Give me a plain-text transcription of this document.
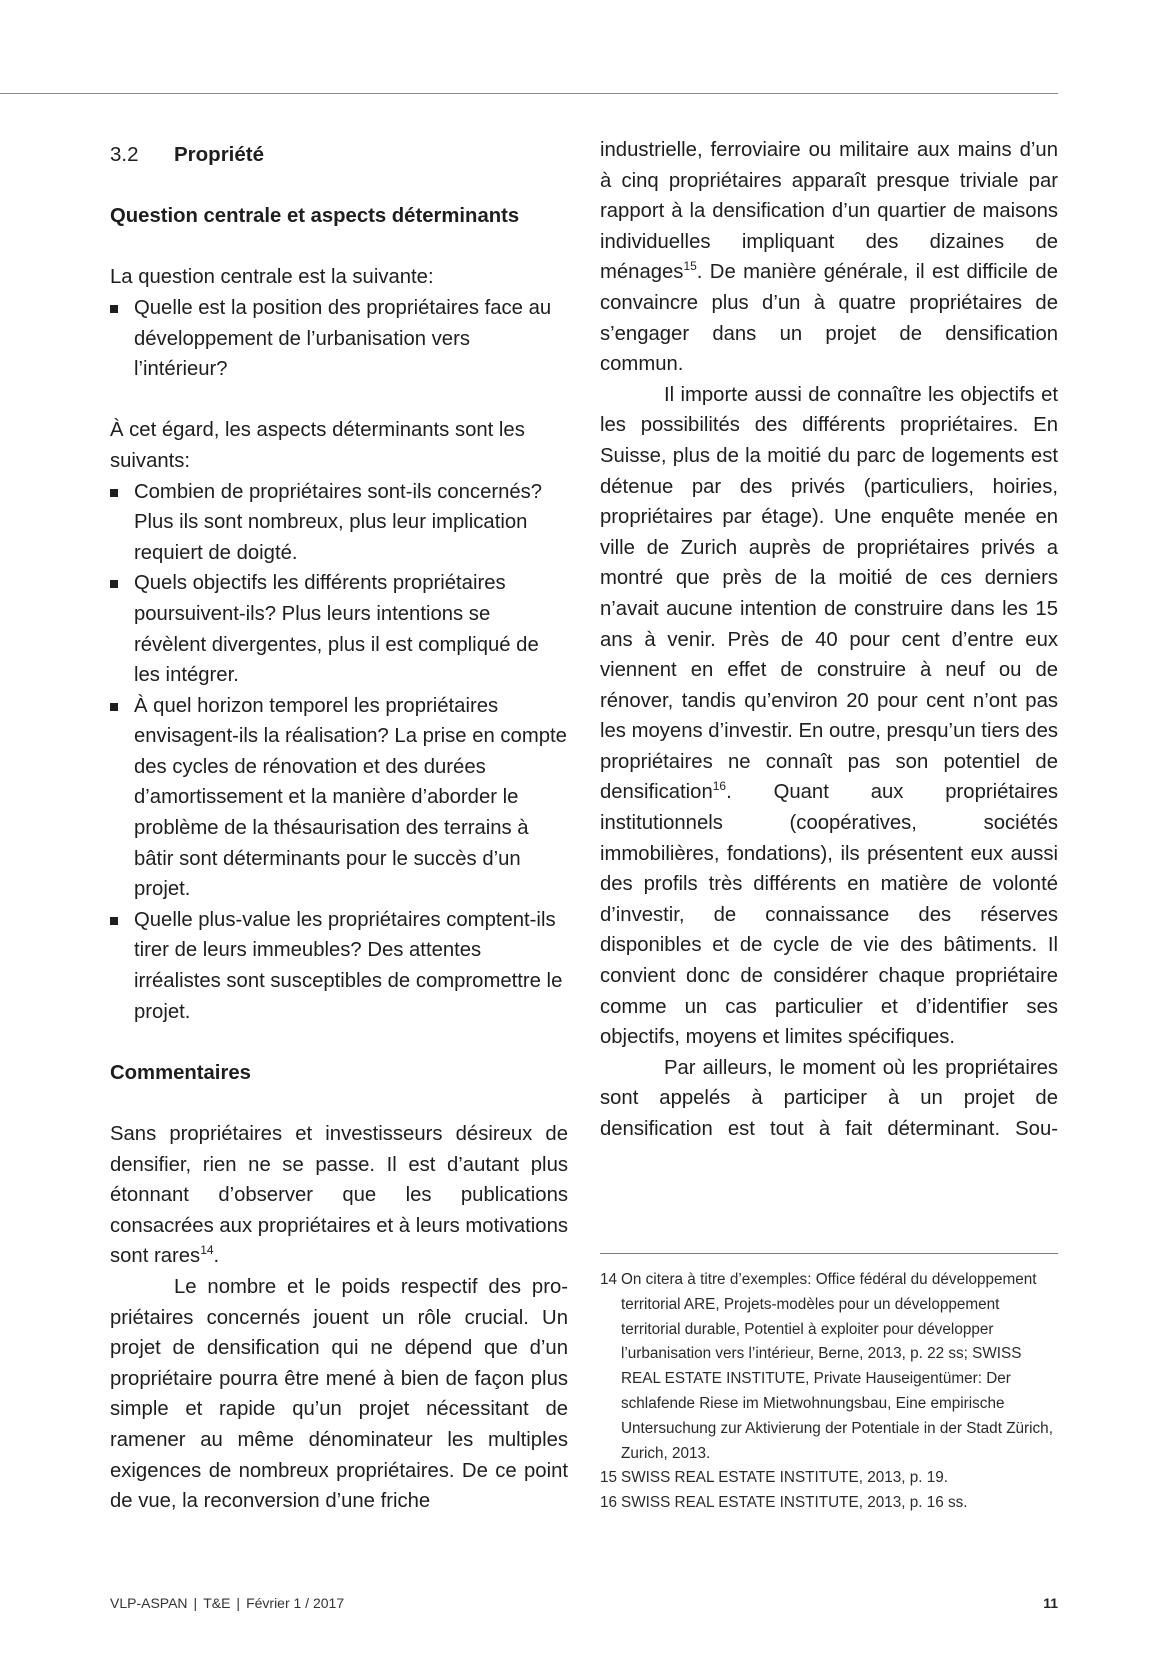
3.2 Propriété
Question centrale et aspects déterminants

La question centrale est la suivante:

Quelle est la position des propriétaires face au développement de l’urbanisation vers l’intérieur?

À cet égard, les aspects déterminants sont les suivants:

Combien de propriétaires sont-ils concernés? Plus ils sont nombreux, plus leur implication requiert de doigté.
Quels objectifs les différents propriétaires poursuivent-ils? Plus leurs intentions se révèlent divergentes, plus il est compliqué de les intégrer.
À quel horizon temporel les propriétaires envisagent-ils la réalisation? La prise en compte des cycles de rénovation et des durées d’amortissement et la manière d’aborder le problème de la thésaurisation des terrains à bâtir sont déterminants pour le succès d’un projet.
Quelle plus-value les propriétaires comptent-ils tirer de leurs immeubles? Des attentes irréalistes sont susceptibles de compromettre le projet.
Commentaires

Sans propriétaires et investisseurs désireux de densifier, rien ne se passe. Il est d’autant plus étonnant d’observer que les publications consacrées aux propriétaires et à leurs motivations sont rares$^{14}$.

Le nombre et le poids respectif des propriétaires concernés jouent un rôle crucial. Un projet de densification qui ne dépend que d’un propriétaire pourra être mené à bien de façon plus simple et rapide qu’un projet nécessitant de ramener au même dénominateur les multiples exigences de nombreux propriétaires. De ce point de vue, la reconversion d’une friche

industrielle, ferroviaire ou militaire aux mains d’un à cinq propriétaires apparaît presque triviale par rapport à la densification d’un quartier de maisons individuelles impliquant des dizaines de ménages$^{15}$. De manière générale, il est difficile de convaincre plus d’un à quatre propriétaires de s’engager dans un projet de densification commun.

Il importe aussi de connaître les objectifs et les possibilités des différents propriétaires. En Suisse, plus de la moitié du parc de logements est détenue par des privés (particuliers, hoiries, propriétaires par étage). Une enquête menée en ville de Zurich auprès de propriétaires privés a montré que près de la moitié de ces derniers n’avait aucune intention de construire dans les 15 ans à venir. Près de 40 pour cent d’entre eux viennent en effet de construire à neuf ou de rénover, tandis qu’environ 20 pour cent n’ont pas les moyens d’investir. En outre, presqu’un tiers des propriétaires ne connaît pas son potentiel de densification$^{16}$. Quant aux propriétaires institutionnels (coopératives, sociétés immobilières, fondations), ils présentent eux aussi des profils très différents en matière de volonté d’investir, de connaissance des réserves disponibles et de cycle de vie des bâtiments. Il convient donc de considérer chaque propriétaire comme un cas particulier et d’identifier ses objectifs, moyens et limites spécifiques.

Par ailleurs, le moment où les propriétaires sont appelés à participer à un projet de densification est tout à fait déterminant. Sou-

14 On citera à titre d’exemples: Office fédéral du développement territorial ARE, Projets-modèles pour un développement territorial durable, Potentiel à exploiter pour développer l’urbanisation vers l’intérieur, Berne, 2013, p. 22 ss; SWISS REAL ESTATE INSTITUTE, Private Hauseigentümer: Der schlafende Riese im Mietwohnungsbau, Eine empirische Untersuchung zur Aktivierung der Potentiale in der Stadt Zürich, Zurich, 2013.

15 SWISS REAL ESTATE INSTITUTE, 2013, p. 19.

16 SWISS REAL ESTATE INSTITUTE, 2013, p. 16 ss.

VLP-ASPAN | T&E | Février 1 / 2017	11
